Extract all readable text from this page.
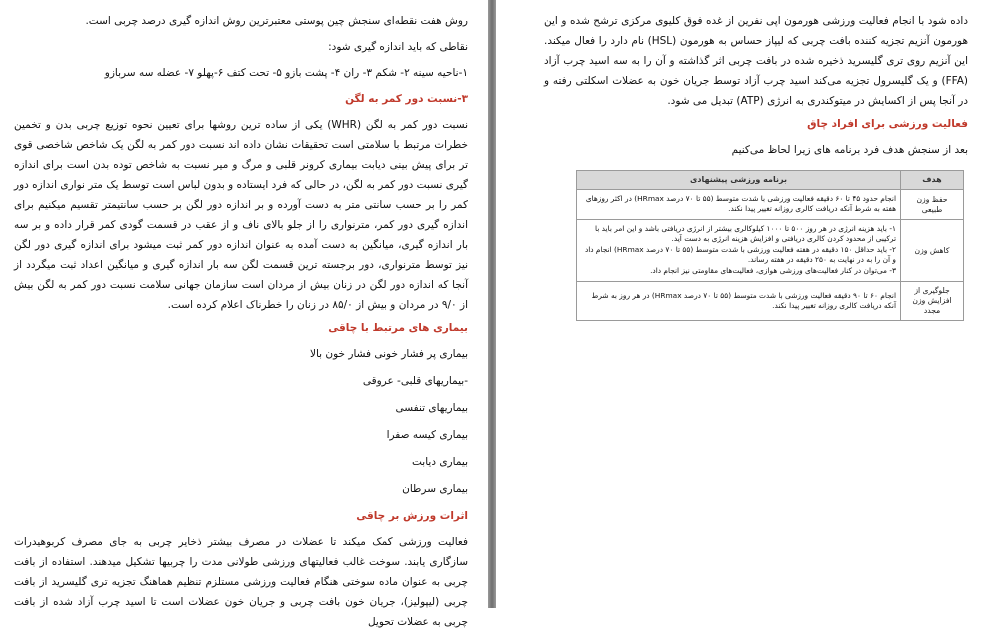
روش هفت نقطه‌ای سنجش چین پوستی معتبرترین روش اندازه گیری درصد چربی است.

نقاطی که باید اندازه گیری شود:

۱-ناحیه سینه ۲- شکم ۳- ران ۴- پشت بازو ۵- تحت کتف ۶-پهلو ۷- عضله سه سربازو

۳-نسبت دور کمر به لگن

نسبت دور کمر به لگن (WHR) یکی از ساده ترین روشها برای تعیین نحوه توزیع چربی بدن و تخمین خطرات مرتبط با سلامتی است تحقیقات نشان داده اند نسبت دور کمر به لگن یک شاخص شاخصی قوی تر برای پیش بینی دیابت بیماری کرونر قلبی و مرگ و میر نسبت به شاخص توده بدن است برای اندازه گیری نسبت دور کمر به لگن، در حالی که فرد ایستاده و بدون لباس است توسط یک متر نواری اندازه دور کمر را بر حسب سانتی متر به دست آورده و بر اندازه دور لگن بر حسب سانتیمتر تقسیم میکنیم برای اندازه گیری دور کمر، مترنواری را از جلو بالای ناف و از عقب در قسمت گودی کمر قرار داده و بر سه بار اندازه گیری، میانگین به دست آمده به عنوان اندازه دور کمر ثبت میشود برای اندازه گیری دور لگن نیز توسط مترنواری، دور برجسته ترین قسمت لگن سه بار اندازه گیری و میانگین اعداد ثبت میگردد از آنجا که اندازه دور لگن در زنان بیش از مردان است سازمان جهانی سلامت نسبت دور کمر به لگن بیش از ۹/۰ در مردان و بیش از ۸۵/۰ در زنان را خطرناک اعلام کرده است.

بیماری های مرتبط با چاقی

بیماری پر فشار خونی فشار خون بالا

-بیماریهای قلبی- عروقی

بیماریهای تنفسی

بیماری کیسه صفرا

بیماری دیابت

بیماری سرطان

اثرات ورزش بر چاقی

فعالیت ورزشی کمک میکند تا عضلات در مصرف بیشتر ذخایر چربی به جای مصرف کربوهیدرات سازگاری یابند. سوخت غالب فعالیتهای ورزشی طولانی مدت را چربیها تشکیل میدهند. استفاده از بافت چربی به عنوان ماده سوختی هنگام فعالیت ورزشی مستلزم تنظیم هماهنگ تجزیه تری گلیسرید از بافت چربی (لیپولیز)، جریان خون بافت چربی و جریان خون عضلات است تا اسید چرب آزاد شده از بافت چربی به عضلات تحویل

داده شود با انجام فعالیت ورزشی هورمون اپی نفرین از غده فوق کلیوی مرکزی ترشح شده و این هورمون آنزیم تجزیه کننده بافت چربی که لیپاز حساس به هورمون (HSL) نام دارد را فعال میکند. این آنزیم روی تری گلیسرید ذخیره شده در بافت چربی اثر گذاشته و آن را به سه اسید چرب آزاد (FFA) و یک گلیسرول تجزیه می‌کند اسید چرب آزاد توسط جریان خون به عضلات اسکلتی رفته و در آنجا پس از اکسایش در میتوکندری به انرژی (ATP) تبدیل می شود.

فعالیت ورزشی برای افراد چاق

بعد از سنجش هدف فرد برنامه های زیرا لحاظ می‌کنیم

هدف	برنامه ورزشی پیشنهادی
حفظ وزن طبیعی	انجام حدود ۴۵ تا ۶۰ دقیقه فعالیت ورزشی با شدت متوسط (۵۵ تا ۷۰ درصد HRmax) در اکثر روزهای هفته به شرط آنکه دریافت کالری روزانه تغییر پیدا نکند.

کاهش وزن	۱- باید هزینه انرژی در هر روز ۵۰۰ تا ۱۰۰۰ کیلوکالری بیشتر از انرژی دریافتی باشد و این امر باید با ترکیبی از محدود کردن کالری دریافتی و افزایش هزینه انرژی به دست آید.
۲- باید حداقل ۱۵۰ دقیقه در هفته فعالیت ورزشی با شدت متوسط (۵۵ تا ۷۰ درصد HRmax) انجام داد و آن را به در نهایت به ۲۵۰ دقیقه در هفته رساند.
۳- می‌توان در کنار فعالیت‌های ورزشی هوازی، فعالیت‌های مقاومتی نیز انجام داد.

جلوگیری از افزایش وزن مجدد	انجام ۶۰ تا ۹۰ دقیقه فعالیت ورزشی با شدت متوسط (۵۵ تا ۷۰ درصد HRmax) در هر روز به شرط آنکه دریافت کالری روزانه تغییر پیدا نکند.
